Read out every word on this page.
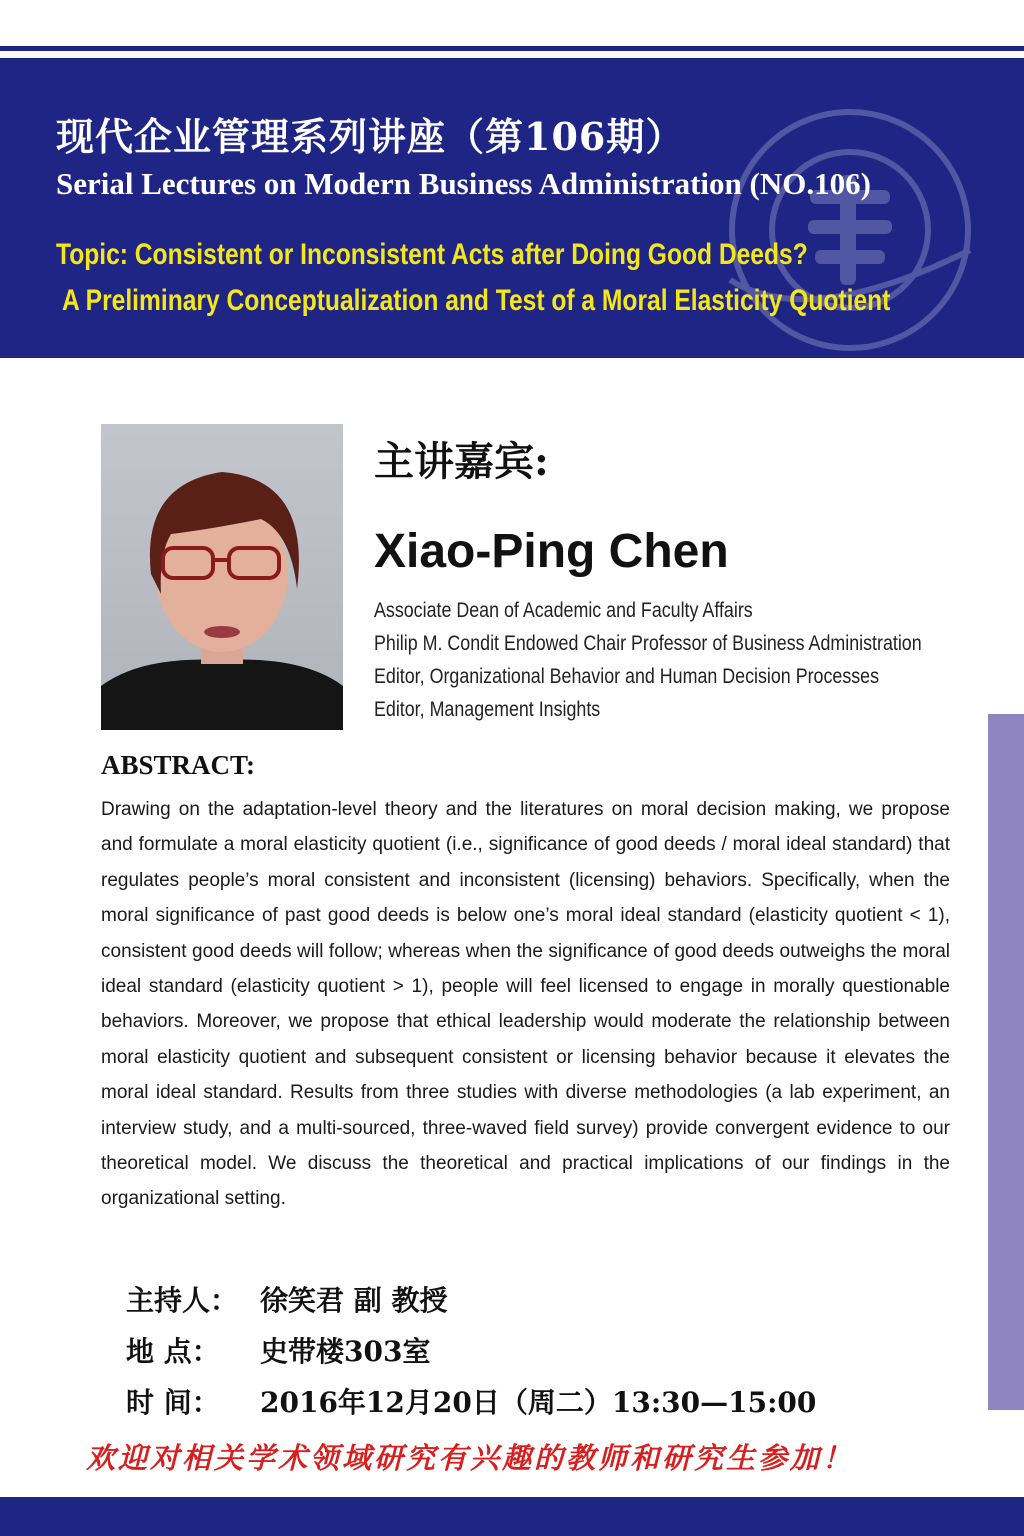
现代企业管理系列讲座（第106期）
Serial Lectures on Modern Business Administration (NO.106)

Topic: Consistent or Inconsistent Acts after Doing Good Deeds?

A Preliminary Conceptualization and Test of a Moral Elasticity Quotient

主讲嘉宾:
Xiao-Ping Chen
Associate Dean of Academic and Faculty Affairs
Philip M. Condit Endowed Chair Professor of Business Administration
Editor, Organizational Behavior and Human Decision Processes
Editor, Management Insights
ABSTRACT:

Drawing on the adaptation-level theory and the literatures on moral decision making, we propose and formulate a moral elasticity quotient (i.e., significance of good deeds / moral ideal standard) that regulates people’s moral consistent and inconsistent (licensing) behaviors. Specifically, when the moral significance of past good deeds is below one’s moral ideal standard (elasticity quotient < 1), consistent good deeds will follow; whereas when the significance of good deeds outweighs the moral ideal standard (elasticity quotient > 1), people will feel licensed to engage in morally questionable behaviors. Moreover, we propose that ethical leadership would moderate the relationship between moral elasticity quotient and subsequent consistent or licensing behavior because it elevates the moral ideal standard. Results from three studies with diverse methodologies (a lab experiment, an interview study, and a multi-sourced, three-waved field survey) provide convergent evidence to our theoretical model. We discuss the theoretical and practical implications of our findings in the organizational setting.

主持人： 徐笑君 副 教授

地 点： 史带楼303室

时 间： 2016年12月20日（周二）13:30—15:00

欢迎对相关学术领域研究有兴趣的教师和研究生参加！
